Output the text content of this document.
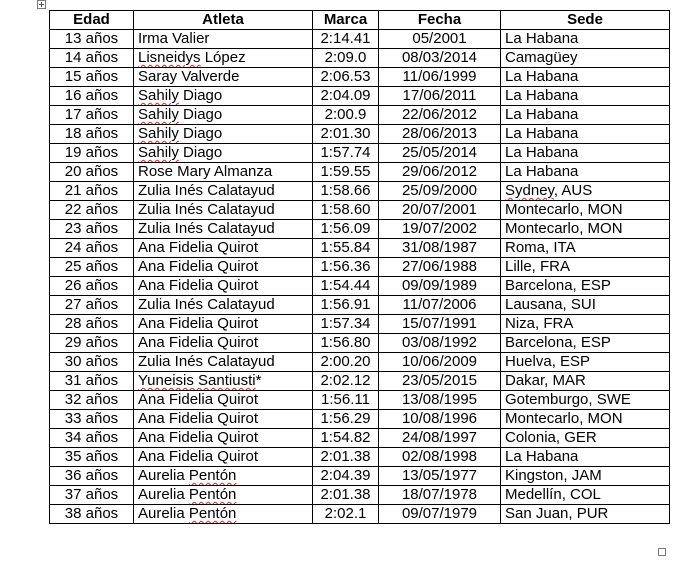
Edad	Atleta	Marca	Fecha	Sede
13 años	Irma Valier	2:14.41	05/2001	La Habana
14 años	Lisneidys López	2:09.0	08/03/2014	Camagüey
15 años	Saray Valverde	2:06.53	11/06/1999	La Habana
16 años	Sahily Diago	2:04.09	17/06/2011	La Habana
17 años	Sahily Diago	2:00.9	22/06/2012	La Habana
18 años	Sahily Diago	2:01.30	28/06/2013	La Habana
19 años	Sahily Diago	1:57.74	25/05/2014	La Habana
20 años	Rose Mary Almanza	1:59.55	29/06/2012	La Habana
21 años	Zulia Inés Calatayud	1:58.66	25/09/2000	Sydney, AUS
22 años	Zulia Inés Calatayud	1:58.60	20/07/2001	Montecarlo, MON
23 años	Zulia Inés Calatayud	1:56.09	19/07/2002	Montecarlo, MON
24 años	Ana Fidelia Quirot	1:55.84	31/08/1987	Roma, ITA
25 años	Ana Fidelia Quirot	1:56.36	27/06/1988	Lille, FRA
26 años	Ana Fidelia Quirot	1:54.44	09/09/1989	Barcelona, ESP
27 años	Zulia Inés Calatayud	1:56.91	11/07/2006	Lausana, SUI
28 años	Ana Fidelia Quirot	1:57.34	15/07/1991	Niza, FRA
29 años	Ana Fidelia Quirot	1:56.80	03/08/1992	Barcelona, ESP
30 años	Zulia Inés Calatayud	2:00.20	10/06/2009	Huelva, ESP
31 años	Yuneisis Santiusti*	2:02.12	23/05/2015	Dakar, MAR
32 años	Ana Fidelia Quirot	1:56.11	13/08/1995	Gotemburgo, SWE
33 años	Ana Fidelia Quirot	1:56.29	10/08/1996	Montecarlo, MON
34 años	Ana Fidelia Quirot	1:54.82	24/08/1997	Colonia, GER
35 años	Ana Fidelia Quirot	2:01.38	02/08/1998	La Habana
36 años	Aurelia Pentón	2:04.39	13/05/1977	Kingston, JAM
37 años	Aurelia Pentón	2:01.38	18/07/1978	Medellín, COL
38 años	Aurelia Pentón	2:02.1	09/07/1979	San Juan, PUR
